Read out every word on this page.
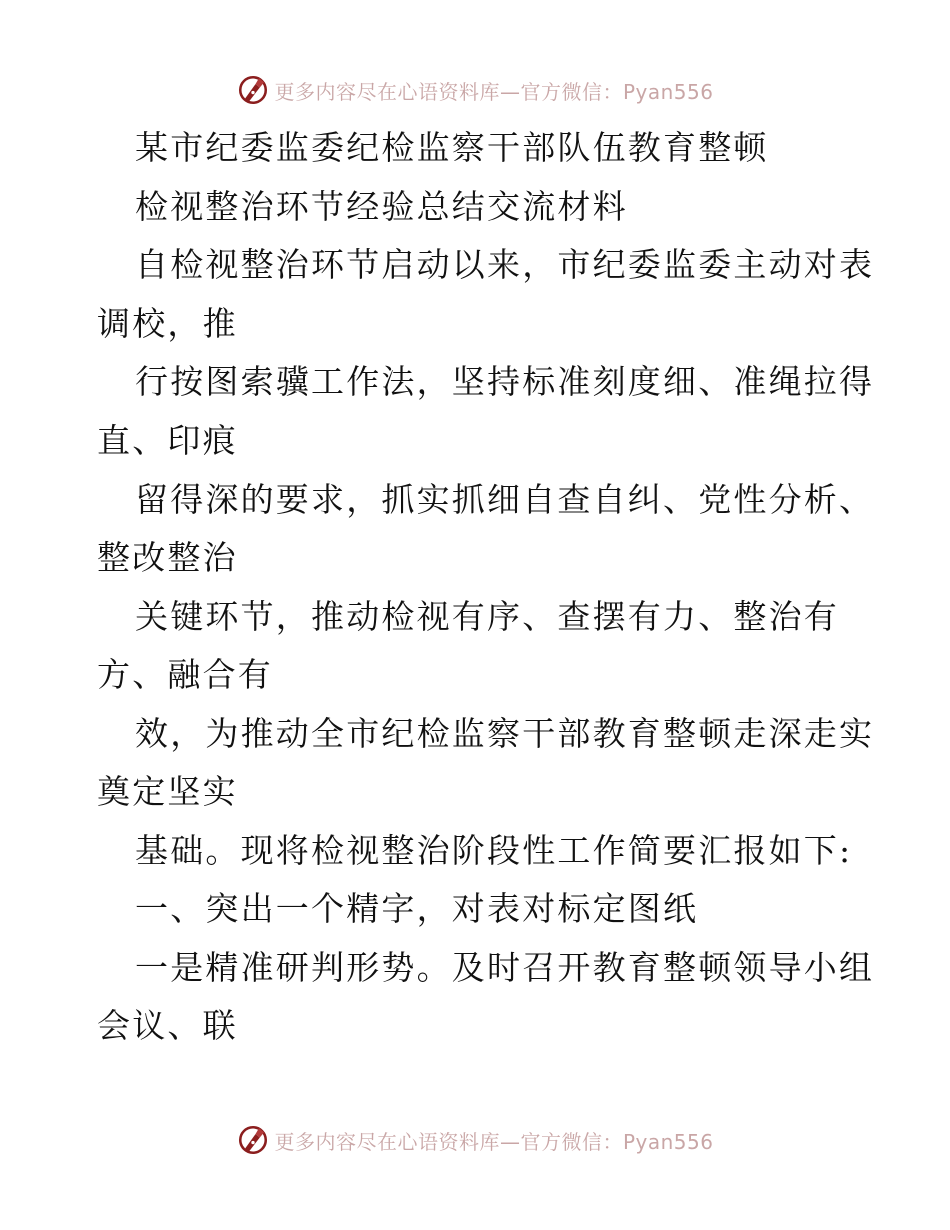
更多内容尽在心语资料库—官方微信：Pyan556
某市纪委监委纪检监察干部队伍教育整顿
检视整治环节经验总结交流材料
自检视整治环节启动以来，市纪委监委主动对表
调校，推
行按图索骥工作法，坚持标准刻度细、准绳拉得
直、印痕
留得深的要求，抓实抓细自查自纠、党性分析、
整改整治
关键环节，推动检视有序、查摆有力、整治有
方、融合有
效，为推动全市纪检监察干部教育整顿走深走实
奠定坚实
基础。现将检视整治阶段性工作简要汇报如下:
一、突出一个精字，对表对标定图纸
一是精准研判形势。及时召开教育整顿领导小组
会议、联
更多内容尽在心语资料库—官方微信：Pyan556
